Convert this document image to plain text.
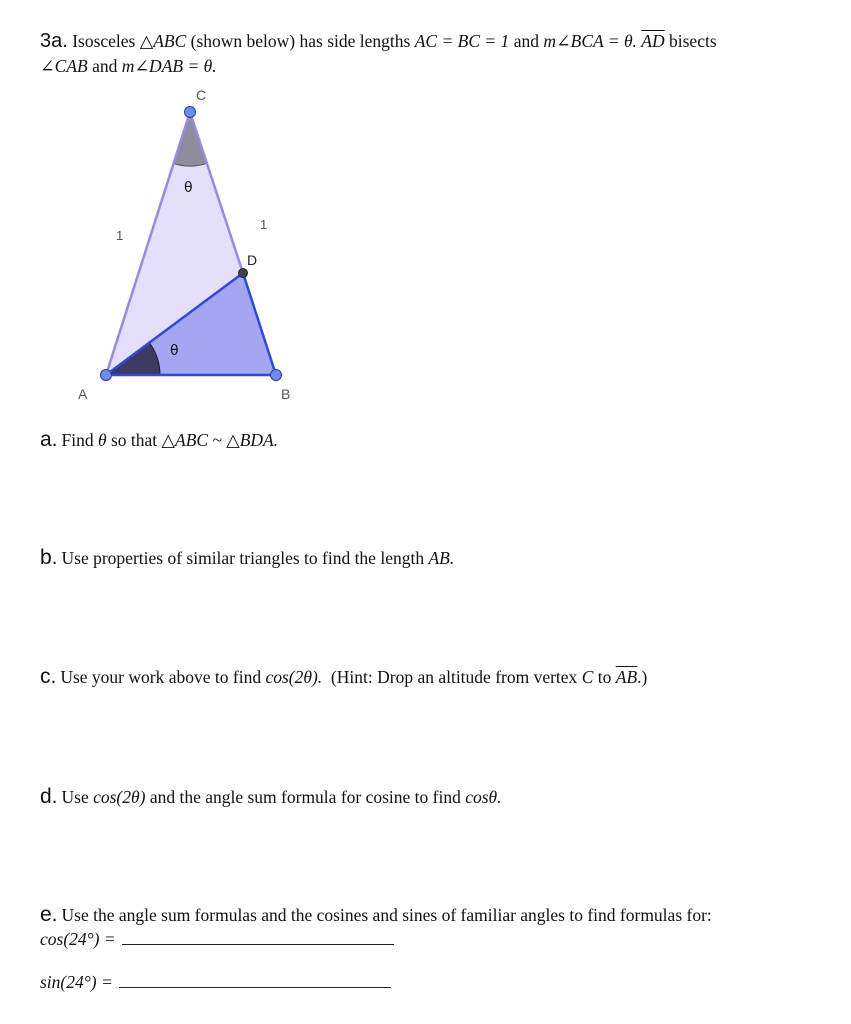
3a. Isosceles △ABC (shown below) has side lengths AC = BC = 1 and m∠BCA = θ. $\overline{AD}$ bisects
∠CAB and m∠DAB = θ.
C
A	B
D
1
1
θ
θ
a. Find θ so that △ABC ~ △BDA.
b. Use properties of similar triangles to find the length AB.
c. Use your work above to find cos(2θ).  (Hint: Drop an altitude from vertex C to $\overline{AB}$.)
d. Use cos(2θ) and the angle sum formula for cosine to find cosθ.
e. Use the angle sum formulas and the cosines and sines of familiar angles to find formulas for:
cos(24°) =
sin(24°) =
